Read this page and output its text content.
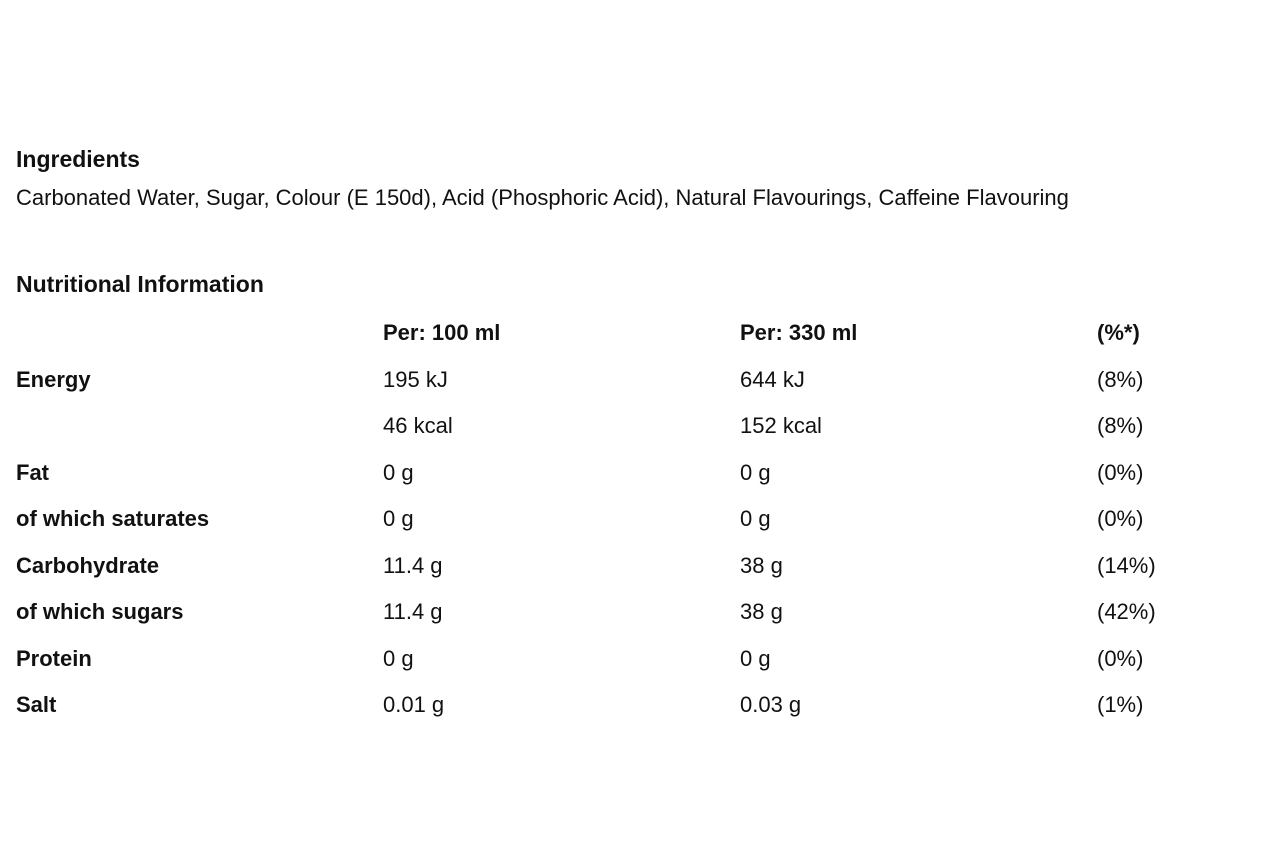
Ingredients
Carbonated Water, Sugar, Colour (E 150d), Acid (Phosphoric Acid), Natural Flavourings, Caffeine Flavouring
Nutritional Information
	Per: 100 ml	Per: 330 ml	(%*)
Energy	195 kJ	644 kJ	(8%)
	46 kcal	152 kcal	(8%)
Fat	0 g	0 g	(0%)
of which saturates	0 g	0 g	(0%)
Carbohydrate	11.4 g	38 g	(14%)
of which sugars	11.4 g	38 g	(42%)
Protein	0 g	0 g	(0%)
Salt	0.01 g	0.03 g	(1%)
